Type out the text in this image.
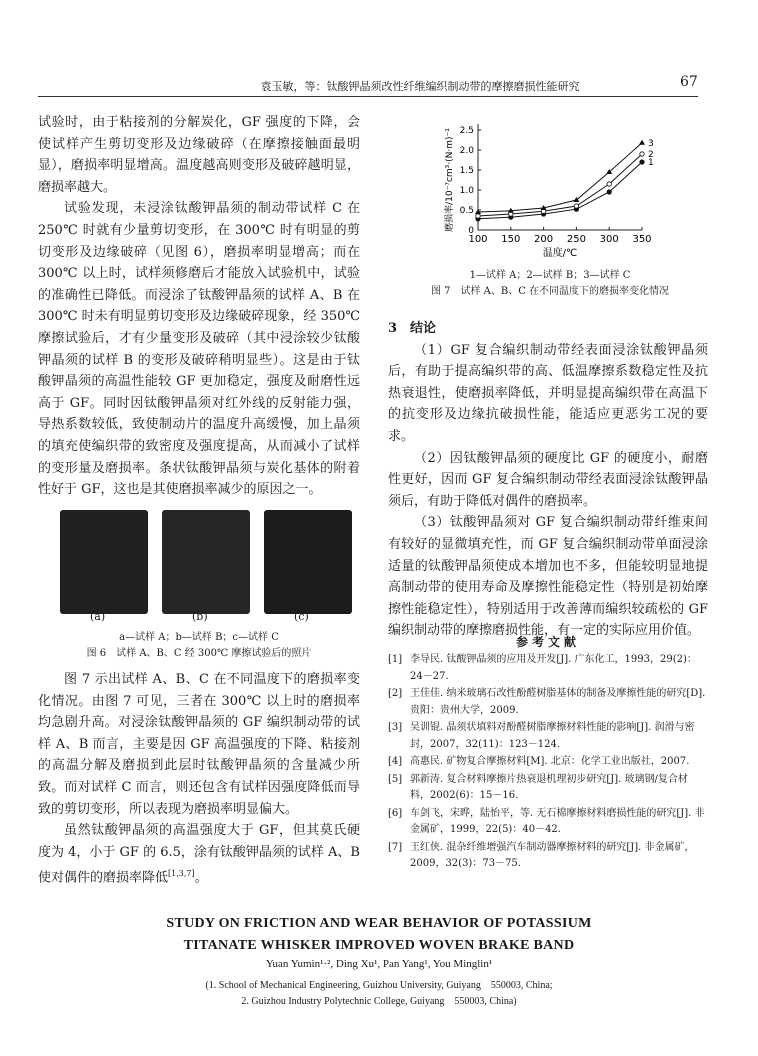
袁玉敏，等：钛酸钾晶须改性纤维编织制动带的摩擦磨损性能研究	67

试验时，由于粘接剂的分解炭化，GF 强度的下降，会使试样产生剪切变形及边缘破碎（在摩擦接触面最明显），磨损率明显增高。温度越高则变形及破碎越明显，磨损率越大。

试验发现，未浸涂钛酸钾晶须的制动带试样 C 在 250℃ 时就有少量剪切变形，在 300℃ 时有明显的剪切变形及边缘破碎（见图 6），磨损率明显增高；而在 300℃ 以上时，试样须修磨后才能放入试验机中，试验的准确性已降低。而浸涂了钛酸钾晶须的试样 A、B 在 300℃ 时未有明显剪切变形及边缘破碎现象，经 350℃ 摩擦试验后，才有少量变形及破碎（其中浸涂较少钛酸钾晶须的试样 B 的变形及破碎稍明显些）。这是由于钛酸钾晶须的高温性能较 GF 更加稳定，强度及耐磨性远高于 GF。同时因钛酸钾晶须对红外线的反射能力强，导热系数较低，致使制动片的温度升高缓慢，加上晶须的填充使编织带的致密度及强度提高，从而减小了试样的变形量及磨损率。条状钛酸钾晶须与炭化基体的附着性好于 GF，这也是其使磨损率减少的原因之一。

(a)	(b)	(c)
a—试样 A；b—试样 B；c—试样 C
图 6　试样 A、B、C 经 300℃ 摩擦试验后的照片

图 7 示出试样 A、B、C 在不同温度下的磨损率变化情况。由图 7 可见，三者在 300℃ 以上时的磨损率均急剧升高。对浸涂钛酸钾晶须的 GF 编织制动带的试样 A、B 而言，主要是因 GF 高温强度的下降、粘接剂的高温分解及磨损到此层时钛酸钾晶须的含量减少所致。而对试样 C 而言，则还包含有试样因强度降低而导致的剪切变形，所以表现为磨损率明显偏大。

虽然钛酸钾晶须的高温强度大于 GF，但其莫氏硬度为 4，小于 GF 的 6.5，涂有钛酸钾晶须的试样 A、B 使对偶件的磨损率降低[1,3,7]。

100 150 200 250 300 350
0
0.5
1.0
1.5
2.0
2.5
温度/℃
磨损率/10⁻⁷cm³·(N·m)⁻¹	1
2
3
1—试样 A；2—试样 B；3—试样 C
图 7　试样 A、B、C 在不同温度下的磨损率变化情况

3　结论

（1）GF 复合编织制动带经表面浸涂钛酸钾晶须后，有助于提高编织带的高、低温摩擦系数稳定性及抗热衰退性，使磨损率降低，并明显提高编织带在高温下的抗变形及边缘抗破损性能，能适应更恶劣工况的要求。

（2）因钛酸钾晶须的硬度比 GF 的硬度小，耐磨性更好，因而 GF 复合编织制动带经表面浸涂钛酸钾晶须后，有助于降低对偶件的磨损率。

（3）钛酸钾晶须对 GF 复合编织制动带纤维束间有较好的显微填充性，而 GF 复合编织制动带单面浸涂适量的钛酸钾晶须使成本增加也不多，但能较明显地提高制动带的使用寿命及摩擦性能稳定性（特别是初始摩擦性能稳定性），特别适用于改善薄而编织较疏松的 GF 编织制动带的摩擦磨损性能，有一定的实际应用价值。

参考文献
[1] 李导民. 钛酸钾晶须的应用及开发[J]. 广东化工，1993，29(2)：24－27.
[2] 王佳佳. 纳米玻璃石改性酚醛树脂基体的制备及摩擦性能的研究[D]. 贵阳：贵州大学，2009.
[3] 吴训锟. 晶须状填料对酚醛树脂摩擦材料性能的影响[J]. 润滑与密封，2007，32(11)：123－124.
[4] 高惠民. 矿物复合摩擦材料[M]. 北京：化学工业出版社，2007.
[5] 郭新涛. 复合材料摩擦片热衰退机理初步研究[J]. 玻璃钢/复合材料，2002(6)：15－16.
[6] 车剑飞，宋晔，陆怡平，等. 无石棉摩擦材料磨损性能的研究[J]. 非金属矿，1999，22(5)：40－42.
[7] 王红侠. 混杂纤维增强汽车制动器摩擦材料的研究[J]. 非金属矿，2009，32(3)：73－75.
STUDY ON FRICTION AND WEAR BEHAVIOR OF POTASSIUM
TITANATE WHISKER IMPROVED WOVEN BRAKE BAND
Yuan Yumin¹·², Ding Xu¹, Pan Yang¹, You Minglin¹
(1. School of Mechanical Engineering, Guizhou University, Guiyang　550003, China;
2. Guizhou Industry Polytechnic College, Guiyang　550003, China)
